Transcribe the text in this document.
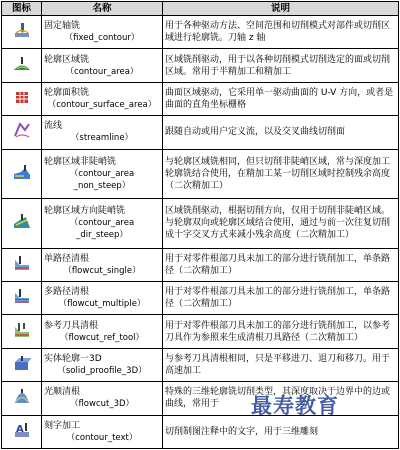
图标	名称	说明

固定轴铣
（fixed_contour）	用于各种驱动方法、空间范围和切削模式对部件或切削区域进行轮廓铣。刀轴 z 轴

轮廓区域铣
（contour_area）	区域铣削驱动，用于以各种切削模式切削选定的面或切削区域。常用于半精加工和精加工

轮廓面积铣
（contour_surface_area）	曲面区域驱动，它采用单一驱动曲面的 U-V 方向，或者是曲面的直角坐标栅格

流线
（streamline）	跟随自动或用户定义流，以及交叉曲线切削面

轮廓区域非陡峭铣
（contour_area
_non_steep）	与轮廓区域铣相同，但只切削非陡峭区域，常与深度加工轮廓铣结合使用，在精加工某一切削区域时控制残余高度（二次精加工）

轮廓区域方向陡峭铣
（contour_area
_dir_steep）	区域铣削驱动，根据切削方向，仅用于切削非陡峭区域。与轮廓双向或轮廓区域结合使用，通过与前一次往复切削成十字交叉方式来减小残余高度（二次精加工）

单路径清根
（flowcut_single）	用于对零件根部刀具未加工的部分进行铣削加工，单条路径（二次精加工）

多路径清根
（flowcut_multiple）	用于对零件根部刀具未加工的部分进行铣削加工，单条路径（二次精加工）

参考刀具清根
（flowcut_ref_tool）	用于对零件根部刀具未加工的部分进行铣削加工，以参考刀具作为参照来生成清根刀具路径（二次精加工）

实体轮廓一3D
（solid_proofile_3D）	与参考刀具清根相同，只是平移进刀、退刀和移刀。用于高速加工

光顺清根
（flowcut_3D）	特殊的三维轮廓铣切削类型，其深度取决于边界中的边或曲线，常用于

A	刻字加工
（contour_text）	切削制图注释中的文字，用于三维雕刻
最寿教育
